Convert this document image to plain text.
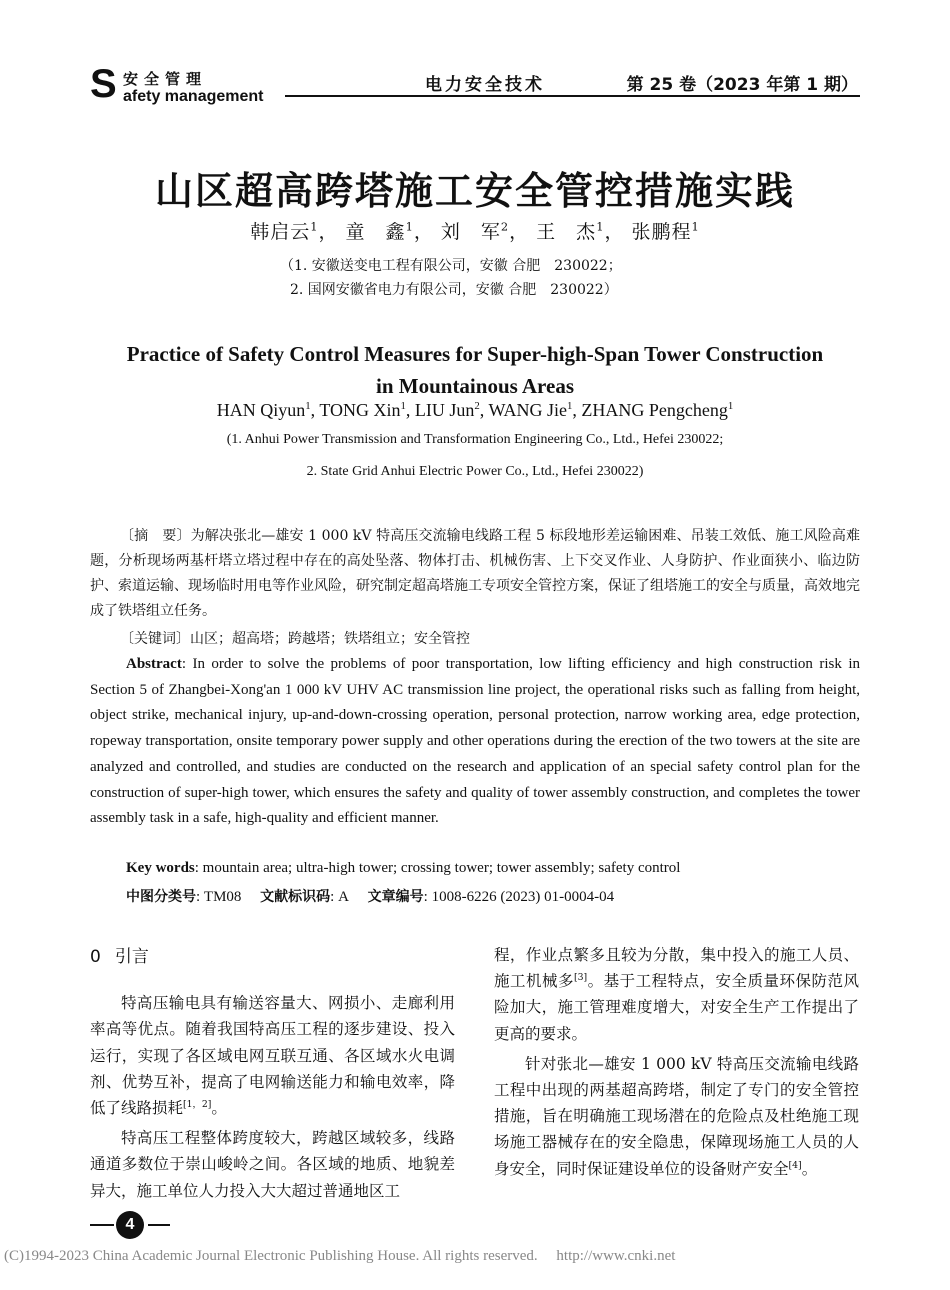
S 安全管理
afety management
电力安全技术	第 25 卷（2023 年第 1 期）
山区超高跨塔施工安全管控措施实践
韩启云$^1$， 童　鑫$^1$， 刘　军$^2$， 王　杰$^1$， 张鹏程$^1$
（1. 安徽送变电工程有限公司，安徽 合肥　230022；
2. 国网安徽省电力有限公司，安徽 合肥　230022）
Practice of Safety Control Measures for Super-high-Span Tower Construction
in Mountainous Areas
HAN Qiyun$^1$, TONG Xin$^1$, LIU Jun$^2$, WANG Jie$^1$, ZHANG Pengcheng$^1$
(1. Anhui Power Transmission and Transformation Engineering Co., Ltd., Hefei 230022;
2. State Grid Anhui Electric Power Co., Ltd., Hefei 230022)
〔摘　要〕为解决张北—雄安 1 000 kV 特高压交流输电线路工程 5 标段地形差运输困难、吊装工效低、施工风险高难题，分析现场两基杆塔立塔过程中存在的高处坠落、物体打击、机械伤害、上下交叉作业、人身防护、作业面狭小、临边防护、索道运输、现场临时用电等作业风险，研究制定超高塔施工专项安全管控方案，保证了组塔施工的安全与质量，高效地完成了铁塔组立任务。
〔关键词〕山区；超高塔；跨越塔；铁塔组立；安全管控
Abstract: In order to solve the problems of poor transportation, low lifting efficiency and high construction risk in Section 5 of Zhangbei-Xong'an 1 000 kV UHV AC transmission line project, the operational risks such as falling from height, object strike, mechanical injury, up-and-down-crossing operation, personal protection, narrow working area, edge protection, ropeway transportation, onsite temporary power supply and other operations during the erection of the two towers at the site are analyzed and controlled, and studies are conducted on the research and application of an special safety control plan for the construction of super-high tower, which ensures the safety and quality of tower assembly construction, and completes the tower assembly task in a safe, high-quality and efficient manner.
Key words: mountain area; ultra-high tower; crossing tower; tower assembly; safety control
中图分类号: TM08 文献标识码: A 文章编号: 1008-6226 (2023) 01-0004-04
0 引言

特高压输电具有输送容量大、网损小、走廊利用率高等优点。随着我国特高压工程的逐步建设、投入运行，实现了各区域电网互联互通、各区域水火电调剂、优势互补，提高了电网输送能力和输电效率，降低了线路损耗[1，2]。

特高压工程整体跨度较大，跨越区域较多，线路通道多数位于崇山峻岭之间。各区域的地质、地貌差异大，施工单位人力投入大大超过普通地区工

程，作业点繁多且较为分散，集中投入的施工人员、施工机械多[3]。基于工程特点，安全质量环保防范风险加大，施工管理难度增大，对安全生产工作提出了更高的要求。

针对张北—雄安 1 000 kV 特高压交流输电线路工程中出现的两基超高跨塔，制定了专门的安全管控措施，旨在明确施工现场潜在的危险点及杜绝施工现场施工器械存在的安全隐患，保障现场施工人员的人身安全，同时保证建设单位的设备财产安全[4]。

4
(C)1994-2023 China Academic Journal Electronic Publishing House. All rights reserved.　 http://www.cnki.net
